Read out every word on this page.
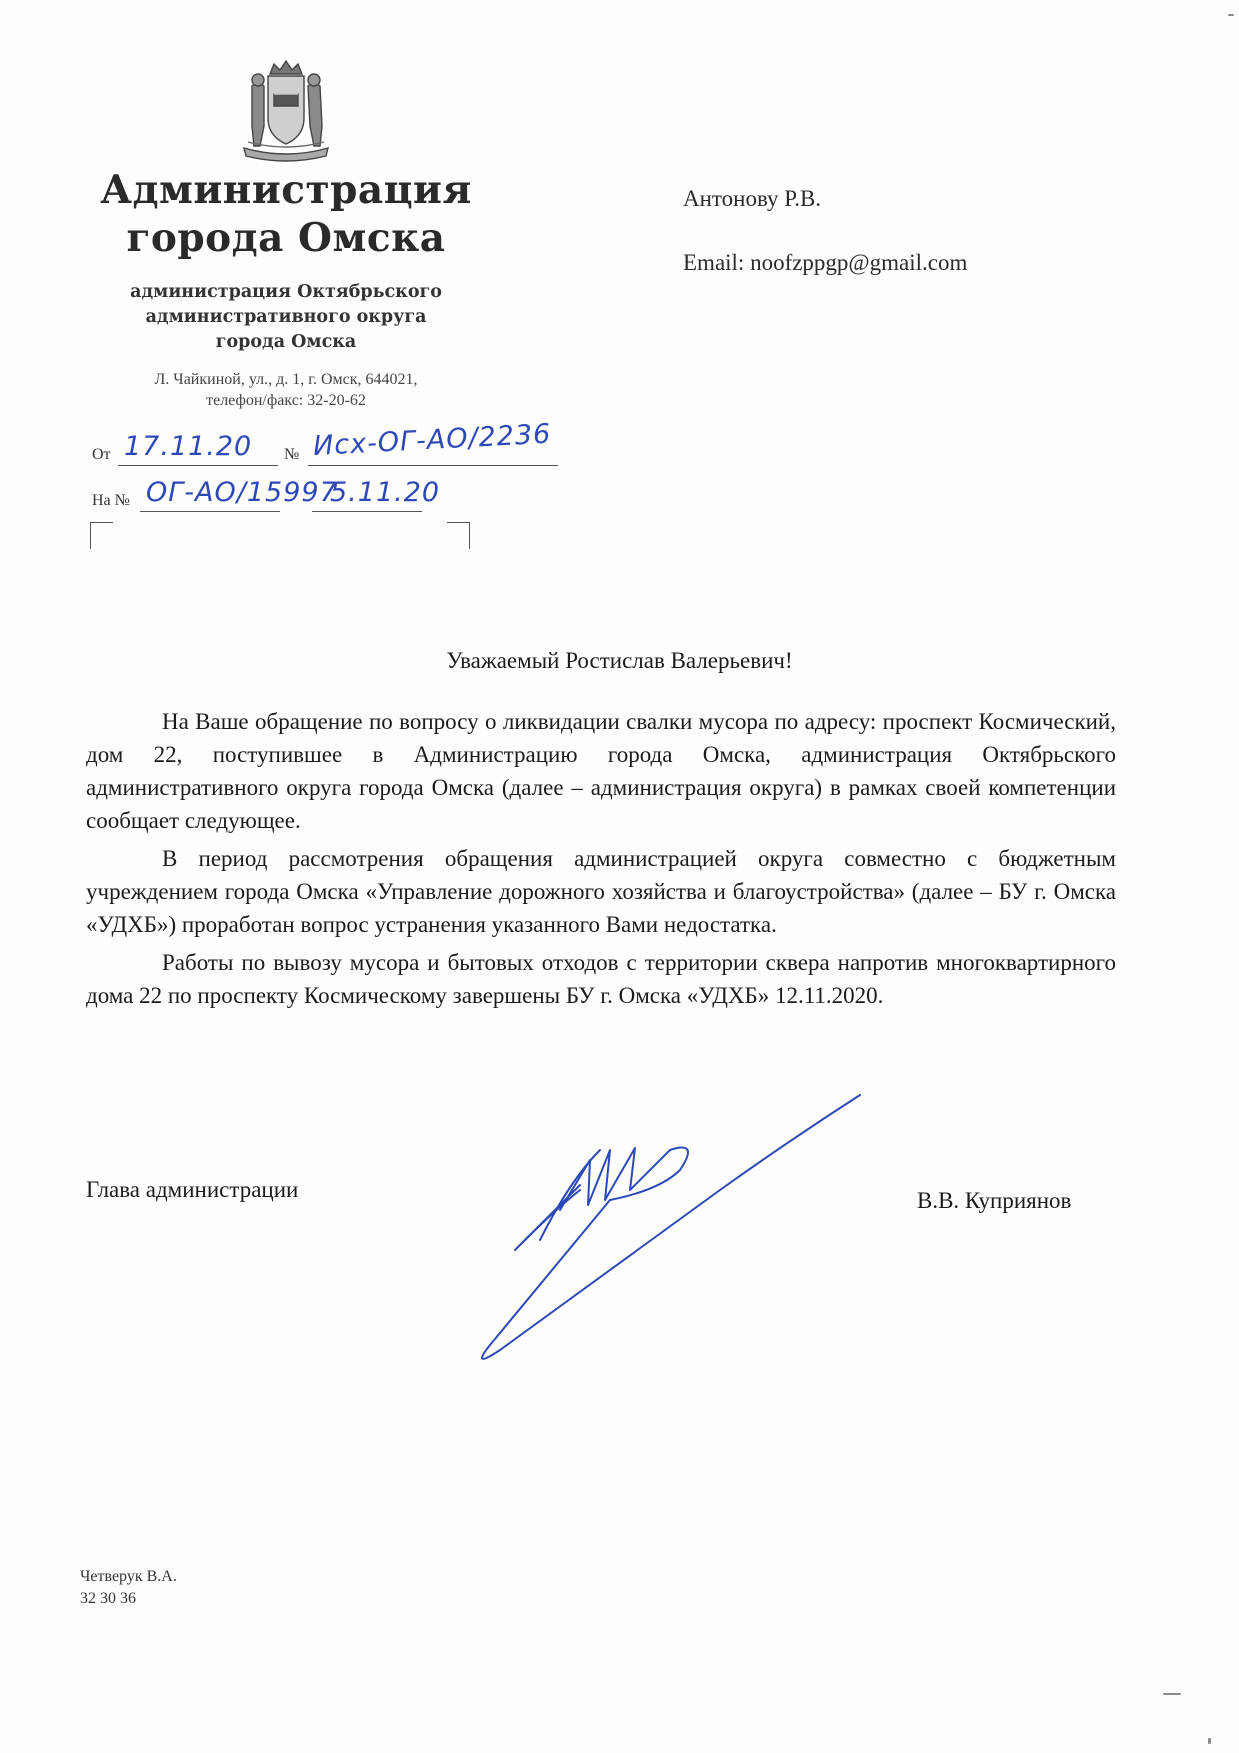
Администрация
города Омска
администрация Октябрьского
административного округа
города Омска
Л. Чайкиной, ул., д. 1, г. Омск, 644021,
телефон/факс: 32-20-62
От 17.11.20 № Исх-ОГ-АО/2236
На № ОГ-АО/15997
5.11.20
Антонову Р.В.
Email: noofzppgp@gmail.com
Уважаемый Ростислав Валерьевич!

На Ваше обращение по вопросу о ликвидации свалки мусора по адресу: проспект Космический, дом 22, поступившее в Администрацию города Омска, администрация Октябрьского административного округа города Омска (далее – администрация округа) в рамках своей компетенции сообщает следующее.

В период рассмотрения обращения администрацией округа совместно с бюджетным учреждением города Омска «Управление дорожного хозяйства и благоустройства» (далее – БУ г. Омска «УДХБ») проработан вопрос устранения указанного Вами недостатка.

Работы по вывозу мусора и бытовых отходов с территории сквера напротив многоквартирного дома 22 по проспекту Космическому завершены БУ г. Омска «УДХБ» 12.11.2020.

Глава администрации	В.В. Куприянов
Четверук В.А.
32 30 36
